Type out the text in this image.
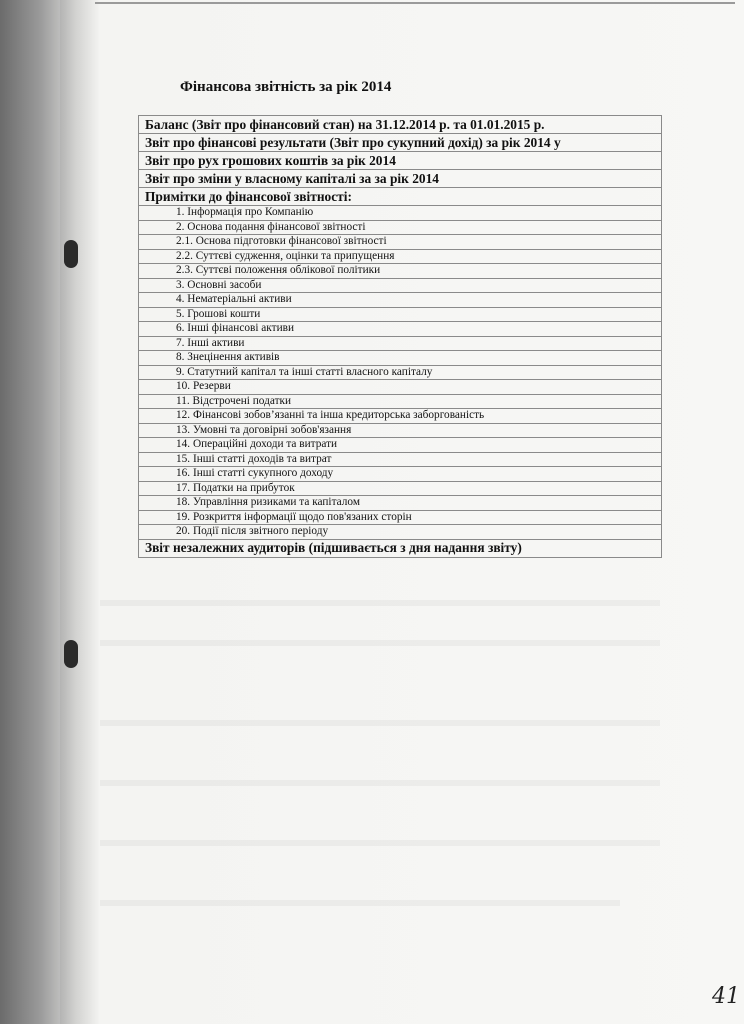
Фінансова звітність за рік 2014
Баланс (Звіт про фінансовий стан) на 31.12.2014 р. та 01.01.2015 р.
Звіт про фінансові результати (Звіт про сукупний дохід) за рік 2014 у
Звіт про рух грошових коштів за рік 2014
Звіт про зміни у власному капіталі за за рік 2014
Примітки до фінансової звітності:
1. Інформація про Компанію
2. Основа подання фінансової звітності
2.1. Основа підготовки фінансової звітності
2.2. Суттєві судження, оцінки та припущення
2.3. Суттєві положення облікової політики
3. Основні засоби
4. Нематеріальні активи
5. Грошові кошти
6. Інші фінансові активи
7. Інші активи
8. Знецінення активів
9. Статутний капітал та інші статті власного капіталу
10. Резерви
11. Відстрочені податки
12. Фінансові зобов’язанні та інша кредиторська заборгованість
13. Умовні та договірні зобов'язання
14. Операційні доходи та витрати
15. Інші статті доходів та витрат
16. Інші статті сукупного доходу
17. Податки на прибуток
18. Управління ризиками та капіталом
19. Розкриття інформації щодо пов'язаних сторін
20. Події після звітного періоду
Звіт незалежних аудиторів (підшивається з дня надання звіту)
41
